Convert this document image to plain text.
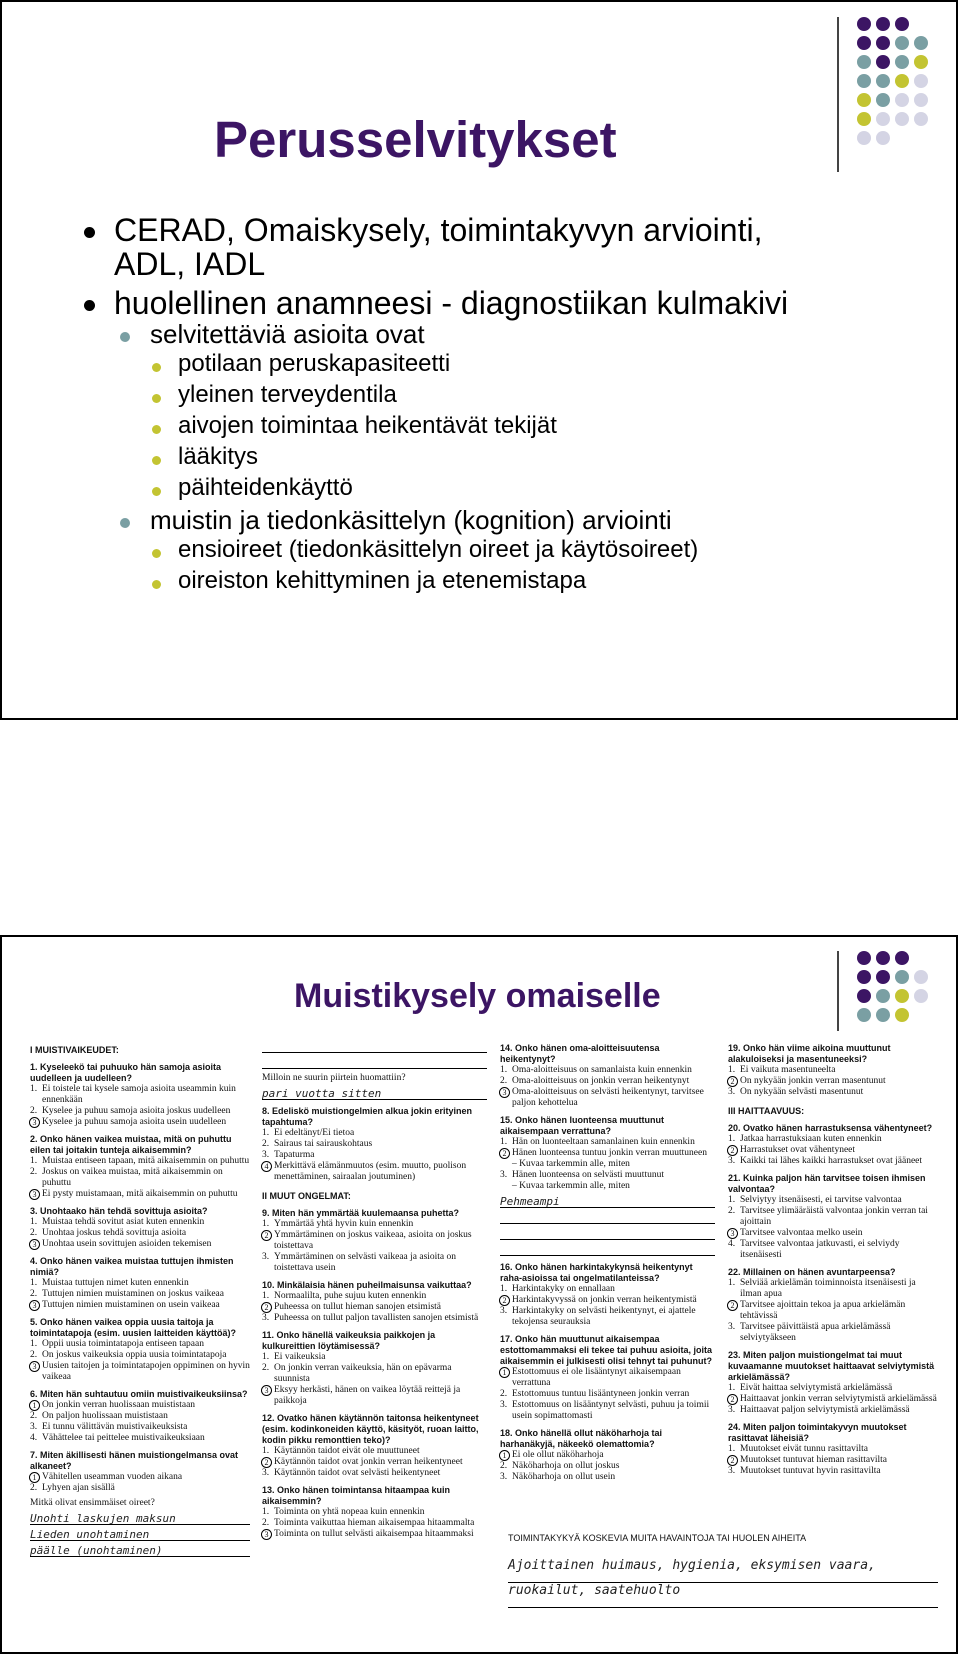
Perusselvitykset
CERAD, Omaiskysely, toimintakyvyn arviointi,
ADL, IADL
huolellinen anamneesi - diagnostiikan kulmakivi
selvitettäviä asioita ovat
potilaan peruskapasiteetti
yleinen terveydentila
aivojen toimintaa heikentävät tekijät
lääkitys
päihteidenkäyttö
muistin ja tiedonkäsittelyn (kognition) arviointi
ensioireet (tiedonkäsittelyn oireet ja käytösoireet)
oireiston kehittyminen ja etenemistapa
Muistikysely omaiselle
I MUISTIVAIKEUDET:
1. Kyseleekö tai puhuuko hän samoja asioita uudelleen ja uudelleen?
1. Ei toistele tai kysele samoja asioita useammin kuin ennenkään
2. Kyselee ja puhuu samoja asioita joskus uudelleen
3 Kyselee ja puhuu samoja asioita usein uudelleen
2. Onko hänen vaikea muistaa, mitä on puhuttu eilen tai joitakin tunteja aikaisemmin?
1. Muistaa entiseen tapaan, mitä aikaisemmin on puhuttu
2. Joskus on vaikea muistaa, mitä aikaisemmin on puhuttu
3 Ei pysty muistamaan, mitä aikaisemmin on puhuttu
3. Unohtaako hän tehdä sovittuja asioita?
1. Muistaa tehdä sovitut asiat kuten ennenkin
2. Unohtaa joskus tehdä sovittuja asioita
3 Unohtaa usein sovittujen asioiden tekemisen
4. Onko hänen vaikea muistaa tuttujen ihmisten nimiä?
1. Muistaa tuttujen nimet kuten ennenkin
2. Tuttujen nimien muistaminen on joskus vaikeaa
3 Tuttujen nimien muistaminen on usein vaikeaa
5. Onko hänen vaikea oppia uusia taitoja ja toimintatapoja (esim. uusien laitteiden käyttöä)?
1. Oppii uusia toimintatapoja entiseen tapaan
2. On joskus vaikeuksia oppia uusia toimintatapoja
3 Uusien taitojen ja toimintatapojen oppiminen on hyvin vaikeaa
6. Miten hän suhtautuu omiin muistivaikeuksiinsa?
1 On jonkin verran huolissaan muististaan
2. On paljon huolissaan muististaan
3. Ei tunnu välittävän muistivaikeuksista
4. Vähättelee tai peittelee muistivaikeuksiaan
7. Miten äkillisesti hänen muistiongelmansa ovat alkaneet?
1 Vähitellen useamman vuoden aikana
2. Lyhyen ajan sisällä
Mitkä olivat ensimmäiset oireet?
Unohti laskujen maksun
Lieden unohtaminen
päälle (unohtaminen)
Milloin ne suurin piirtein huomattiin?
pari vuotta sitten
8. Edeliskö muistiongelmien alkua jokin erityinen tapahtuma?
1. Ei edeltänyt/Ei tietoa
2. Sairaus tai sairauskohtaus
3. Tapaturma
4 Merkittävä elämänmuutos (esim. muutto, puolison menettäminen, sairaalan joutuminen)
II MUUT ONGELMAT:
9. Miten hän ymmärtää kuulemaansa puhetta?
1. Ymmärtää yhtä hyvin kuin ennenkin
2 Ymmärtäminen on joskus vaikeaa, asioita on joskus toistettava
3. Ymmärtäminen on selvästi vaikeaa ja asioita on toistettava usein
10. Minkälaisia hänen puheilmaisunsa vaikuttaa?
1. Normaalilta, puhe sujuu kuten ennenkin
2 Puheessa on tullut hieman sanojen etsimistä
3. Puheessa on tullut paljon tavallisten sanojen etsimistä
11. Onko hänellä vaikeuksia paikkojen ja kulkureittien löytämisessä?
1. Ei vaikeuksia
2. On jonkin verran vaikeuksia, hän on epävarma suunnista
3 Eksyy herkästi, hänen on vaikea löytää reittejä ja paikkoja
12. Ovatko hänen käytännön taitonsa heikentyneet (esim. kodinkoneiden käyttö, käsityöt, ruoan laitto, kodin pikku remonttien teko)?
1. Käytännön taidot eivät ole muuttuneet
2 Käytännön taidot ovat jonkin verran heikentyneet
3. Käytännön taidot ovat selvästi heikentyneet
13. Onko hänen toimintansa hitaampaa kuin aikaisemmin?
1. Toiminta on yhtä nopeaa kuin ennenkin
2. Toiminta vaikuttaa hieman aikaisempaa hitaammalta
3 Toiminta on tullut selvästi aikaisempaa hitaammaksi
14. Onko hänen oma-aloitteisuutensa heikentynyt?
1. Oma-aloitteisuus on samanlaista kuin ennenkin
2. Oma-aloitteisuus on jonkin verran heikentynyt
3 Oma-aloitteisuus on selvästi heikentynyt, tarvitsee paljon kehottelua
15. Onko hänen luonteensa muuttunut aikaisempaan verrattuna?
1. Hän on luonteeltaan samanlainen kuin ennenkin
2 Hänen luonteensa tuntuu jonkin verran muuttuneen
– Kuvaa tarkemmin alle, miten
3. Hänen luonteensa on selvästi muuttunut
– Kuvaa tarkemmin alle, miten
Pehmeampi
16. Onko hänen harkintakykynsä heikentynyt raha-asioissa tai ongelmatilanteissa?
1. Harkintakyky on ennallaan
2 Harkintakyvyssä on jonkin verran heikentymistä
3. Harkintakyky on selvästi heikentynyt, ei ajattele tekojensa seurauksia
17. Onko hän muuttunut aikaisempaa estottomammaksi eli tekee tai puhuu asioita, joita aikaisemmin ei julkisesti olisi tehnyt tai puhunut?
1 Estottomuus ei ole lisääntynyt aikaisempaan verrattuna
2. Estottomuus tuntuu lisääntyneen jonkin verran
3. Estottomuus on lisääntynyt selvästi, puhuu ja toimii usein sopimattomasti
18. Onko hänellä ollut näköharhoja tai harhanäkyjä, näkeekö olemattomia?
1 Ei ole ollut näköharhoja
2. Näköharhoja on ollut joskus
3. Näköharhoja on ollut usein
19. Onko hän viime aikoina muuttunut alakuloiseksi ja masentuneeksi?
1. Ei vaikuta masentuneelta
2 On nykyään jonkin verran masentunut
3. On nykyään selvästi masentunut
III HAITTAAVUUS:
20. Ovatko hänen harrastuksensa vähentyneet?
1. Jatkaa harrastuksiaan kuten ennenkin
2 Harrastukset ovat vähentyneet
3. Kaikki tai lähes kaikki harrastukset ovat jääneet
21. Kuinka paljon hän tarvitsee toisen ihmisen valvontaa?
1. Selviytyy itsenäisesti, ei tarvitse valvontaa
2. Tarvitsee ylimääräistä valvontaa jonkin verran tai ajoittain
3 Tarvitsee valvontaa melko usein
4. Tarvitsee valvontaa jatkuvasti, ei selviydy itsenäisesti
22. Millainen on hänen avuntarpeensa?
1. Selviää arkielämän toiminnoista itsenäisesti ja ilman apua
2 Tarvitsee ajoittain tekoa ja apua arkielämän tehtävissä
3. Tarvitsee päivittäistä apua arkielämässä selviytyäkseen
23. Miten paljon muistiongelmat tai muut kuvaamanne muutokset haittaavat selviytymistä arkielämässä?
1. Eivät haittaa selviytymistä arkielämässä
2 Haittaavat jonkin verran selviytymistä arkielämässä
3. Haittaavat paljon selviytymistä arkielämässä
24. Miten paljon toimintakyvyn muutokset rasittavat läheisiä?
1. Muutokset eivät tunnu rasittavilta
2 Muutokset tuntuvat hieman rasittavilta
3. Muutokset tuntuvat hyvin rasittavilta
TOIMINTAKYKYÄ KOSKEVIA MUITA HAVAINTOJA TAI HUOLEN AIHEITA
Ajoittainen huimaus, hygienia, eksymisen vaara,
ruokailut, saatehuolto
